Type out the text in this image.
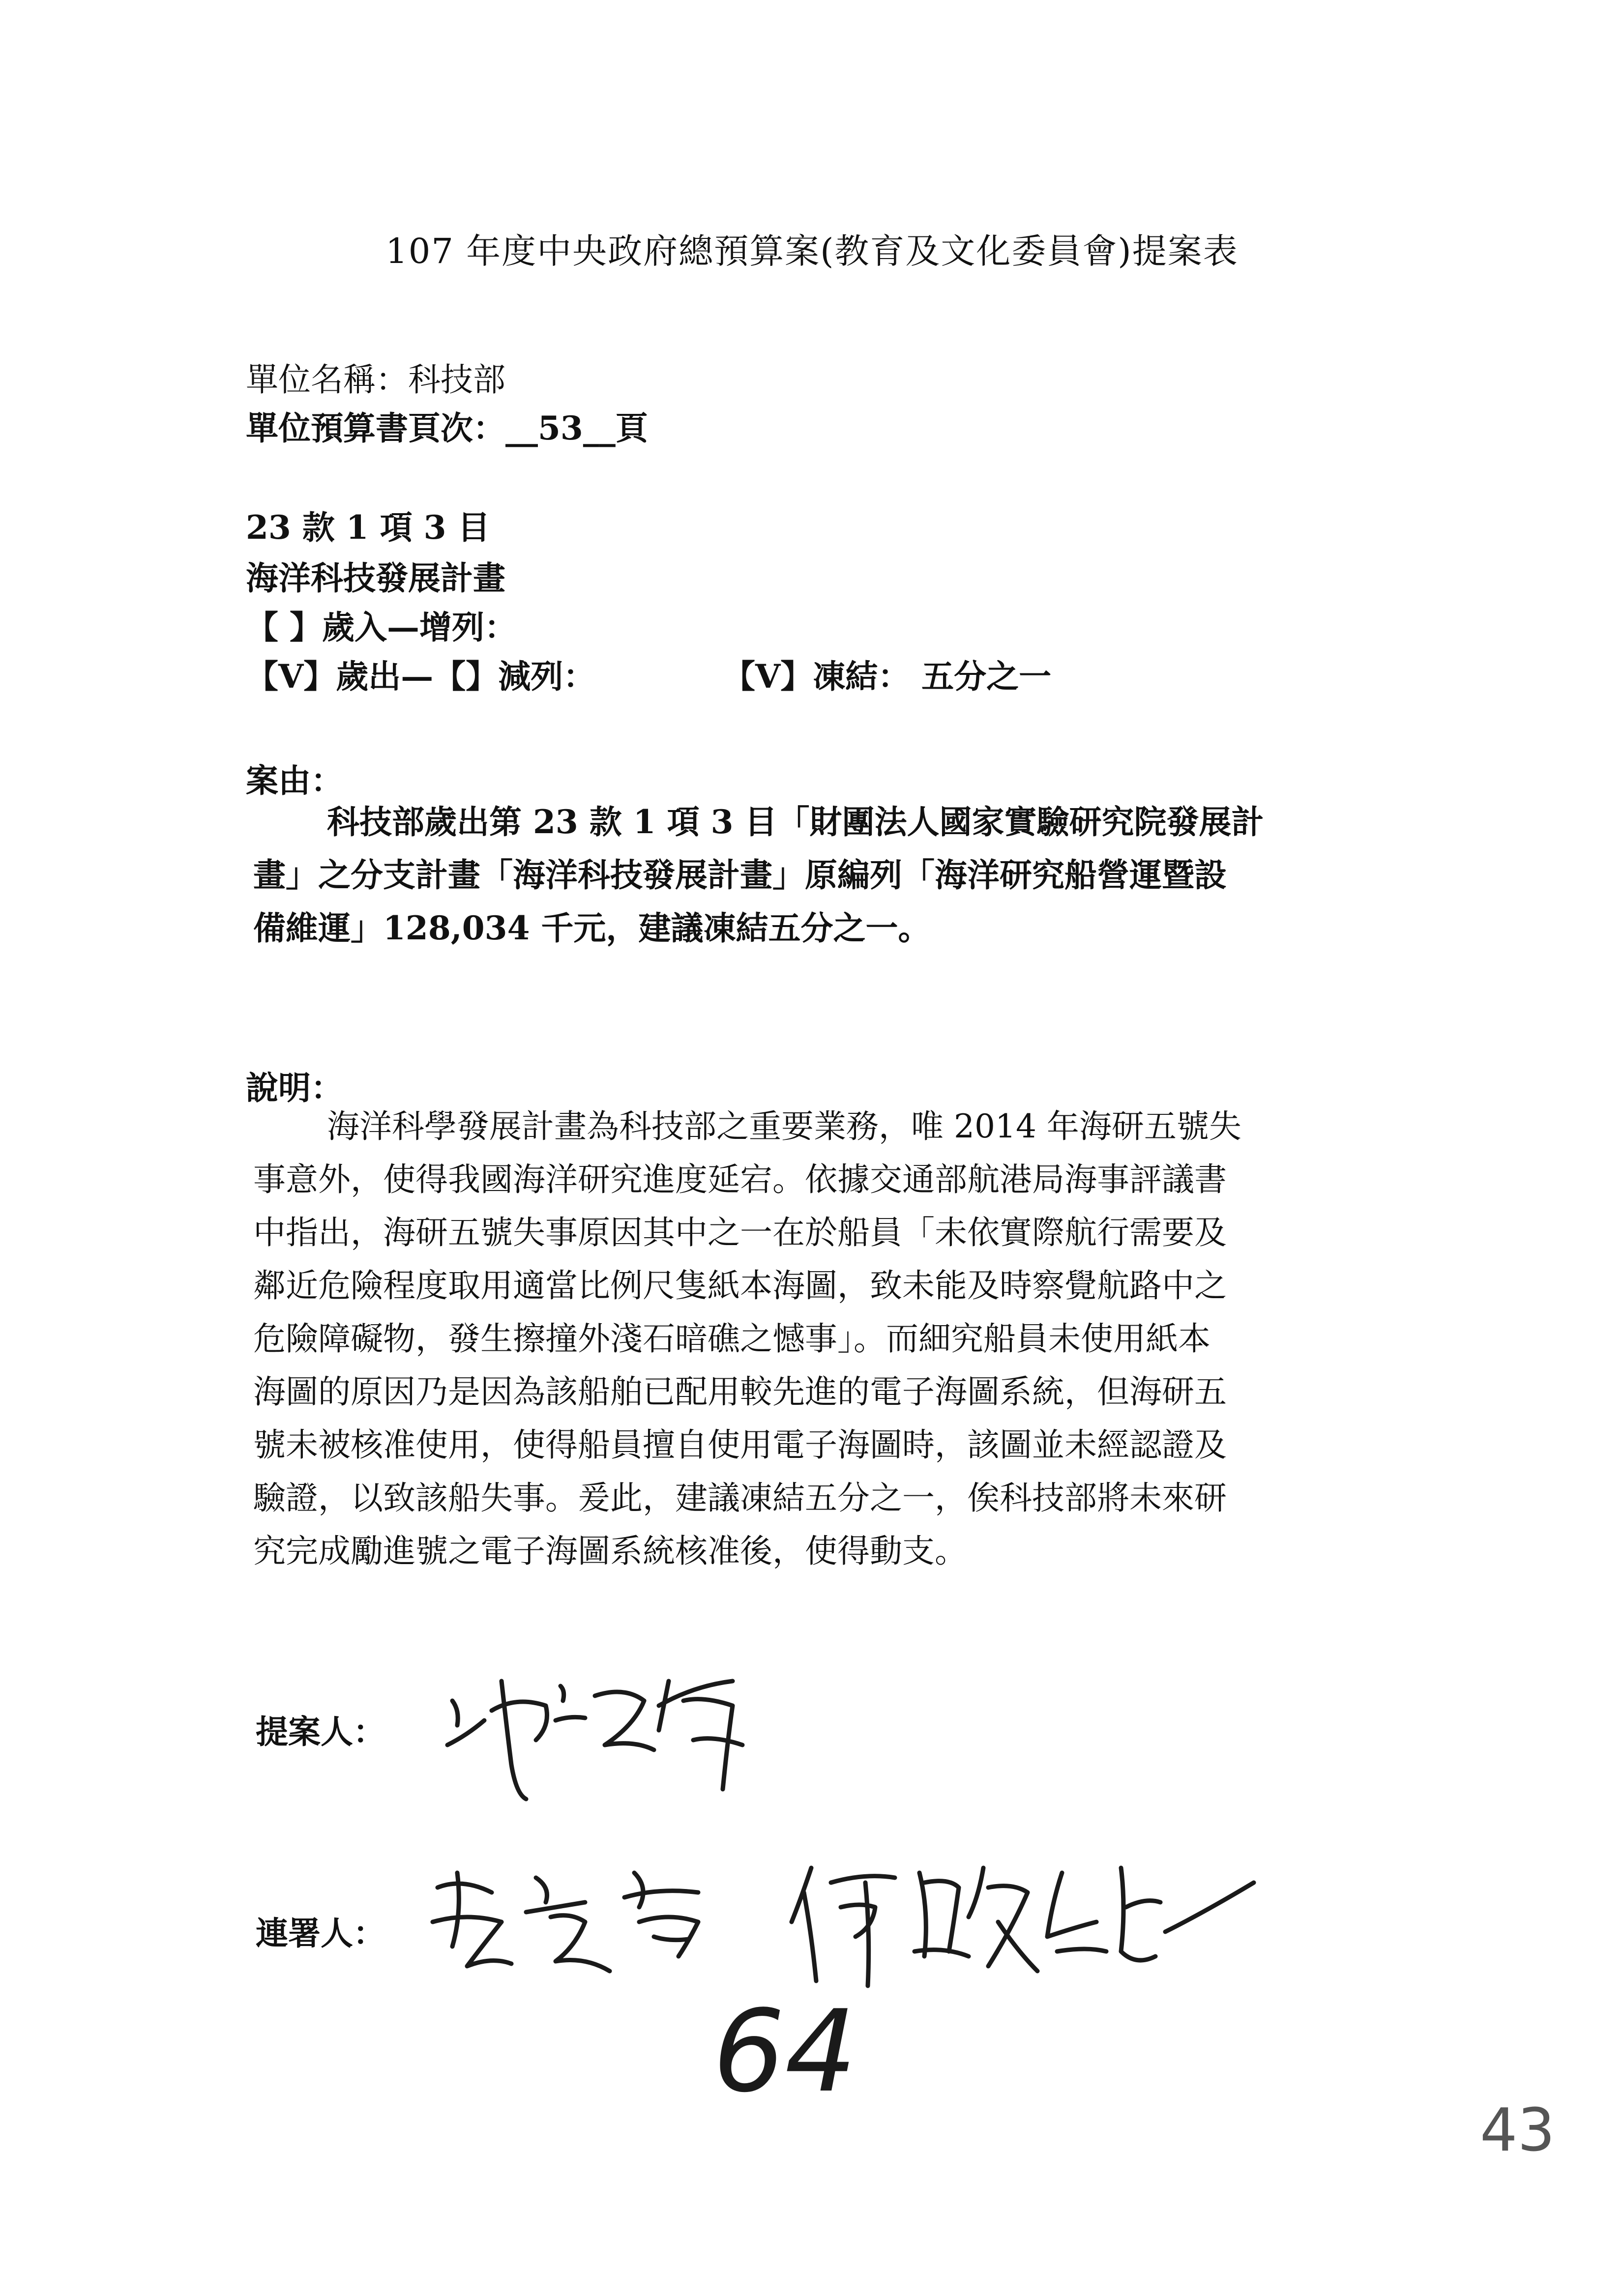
107 年度中央政府總預算案(教育及文化委員會)提案表
單位名稱：科技部
單位預算書頁次：__53__頁
23 款 1 項 3 目
海洋科技發展計畫
【 】歲入—增列：
【V】歲出—【】減列：	【V】凍結： 五分之一
案由：
科技部歲出第 23 款 1 項 3 目「財團法人國家實驗研究院發展計
畫」之分支計畫「海洋科技發展計畫」原編列「海洋研究船營運暨設
備維運」128,034 千元，建議凍結五分之一。
說明：
海洋科學發展計畫為科技部之重要業務，唯 2014 年海研五號失
事意外，使得我國海洋研究進度延宕。依據交通部航港局海事評議書
中指出，海研五號失事原因其中之一在於船員「未依實際航行需要及
鄰近危險程度取用適當比例尺隻紙本海圖，致未能及時察覺航路中之
危險障礙物，發生擦撞外淺石暗礁之憾事」。而細究船員未使用紙本
海圖的原因乃是因為該船舶已配用較先進的電子海圖系統，但海研五
號未被核准使用，使得船員擅自使用電子海圖時，該圖並未經認證及
驗證，以致該船失事。爰此，建議凍結五分之一，俟科技部將未來研
究完成勵進號之電子海圖系統核准後，使得動支。
提案人：
連署人：
64
43
